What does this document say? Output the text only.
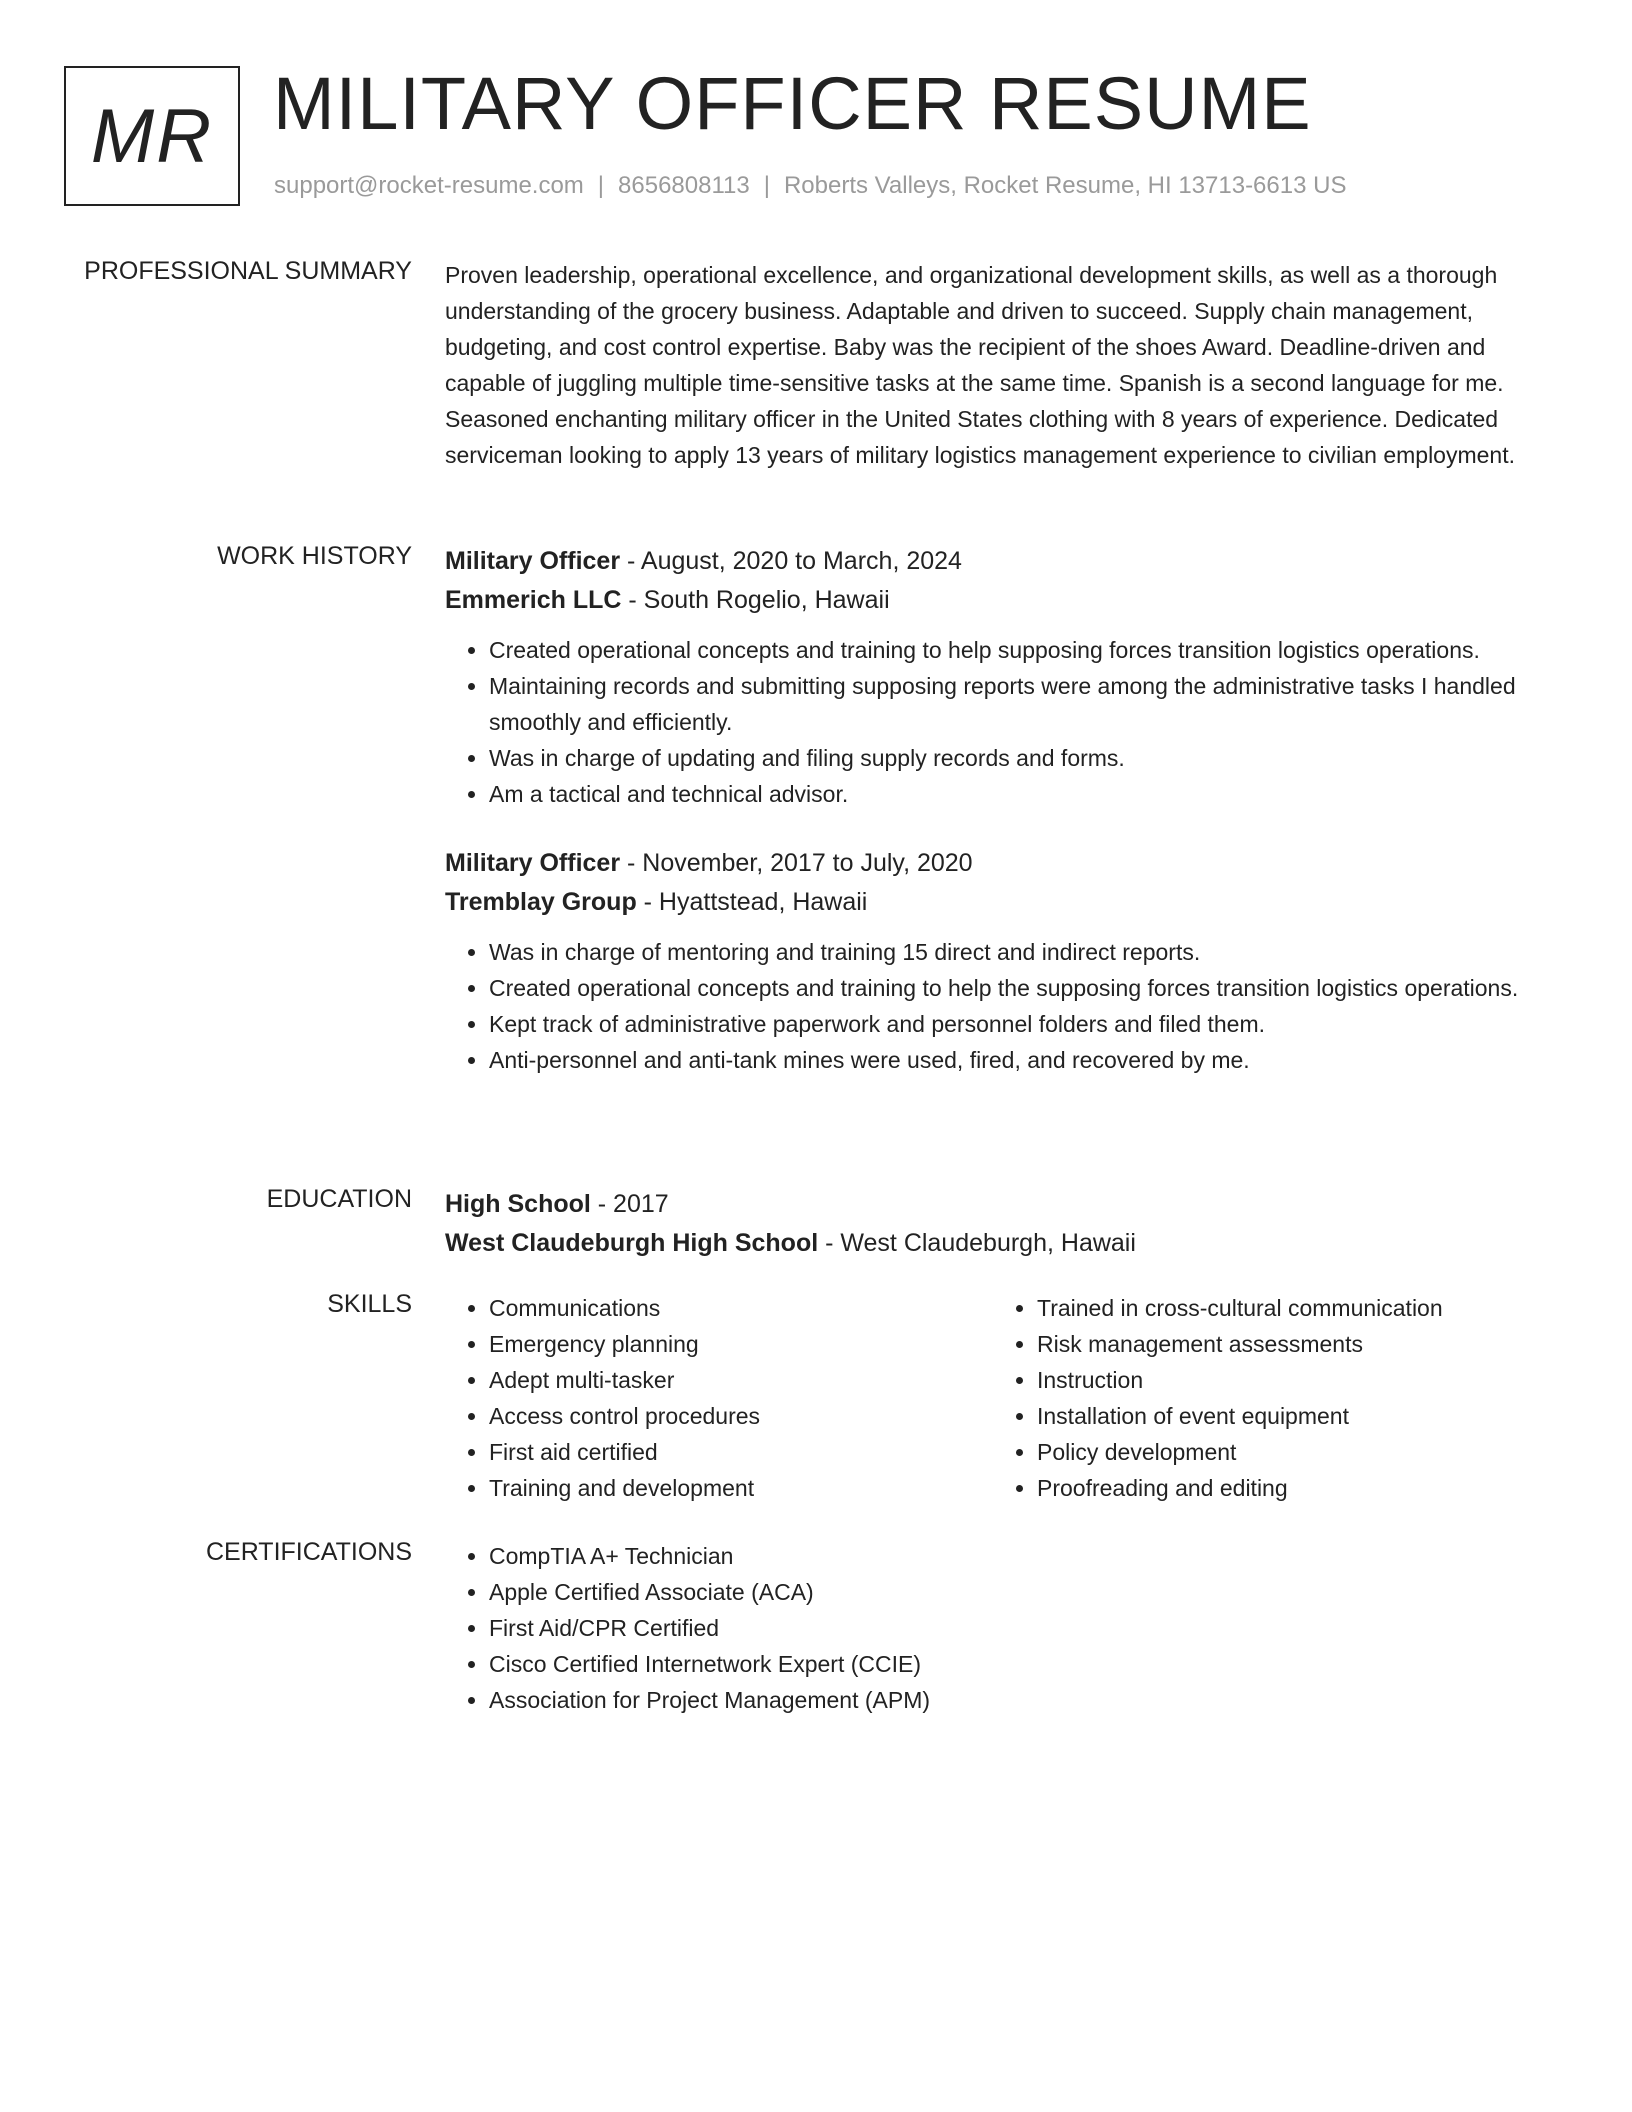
MR MILITARY OFFICER RESUME
support@rocket-resume.com | 8656808113 | Roberts Valleys, Rocket Resume, HI 13713-6613 US
PROFESSIONAL SUMMARY Proven leadership, operational excellence, and organizational development skills, as well as a thorough understanding of the grocery business. Adaptable and driven to succeed. Supply chain management, budgeting, and cost control expertise. Baby was the recipient of the shoes Award. Deadline-driven and capable of juggling multiple time-sensitive tasks at the same time. Spanish is a second language for me. Seasoned enchanting military officer in the United States clothing with 8 years of experience. Dedicated serviceman looking to apply 13 years of military logistics management experience to civilian employment.

WORK HISTORY Military Officer - August, 2020 to March, 2024
Emmerich LLC - South Rogelio, Hawaii
• Created operational concepts and training to help supposing forces transition logistics operations.
• Maintaining records and submitting supposing reports were among the administrative tasks I handled smoothly and efficiently.
• Was in charge of updating and filing supply records and forms.
• Am a tactical and technical advisor.
Military Officer - November, 2017 to July, 2020
Tremblay Group - Hyattstead, Hawaii
• Was in charge of mentoring and training 15 direct and indirect reports.
• Created operational concepts and training to help the supposing forces transition logistics operations.
• Kept track of administrative paperwork and personnel folders and filed them.
• Anti-personnel and anti-tank mines were used, fired, and recovered by me.
EDUCATION High School - 2017
West Claudeburgh High School - West Claudeburgh, Hawaii
SKILLS	• Communications
• Emergency planning
• Adept multi-tasker
• Access control procedures
• First aid certified
• Training and development
• Trained in cross-cultural communication
• Risk management assessments
• Instruction
• Installation of event equipment
• Policy development
• Proofreading and editing
CERTIFICATIONS	• CompTIA A+ Technician
• Apple Certified Associate (ACA)
• First Aid/CPR Certified
• Cisco Certified Internetwork Expert (CCIE)
• Association for Project Management (APM)
